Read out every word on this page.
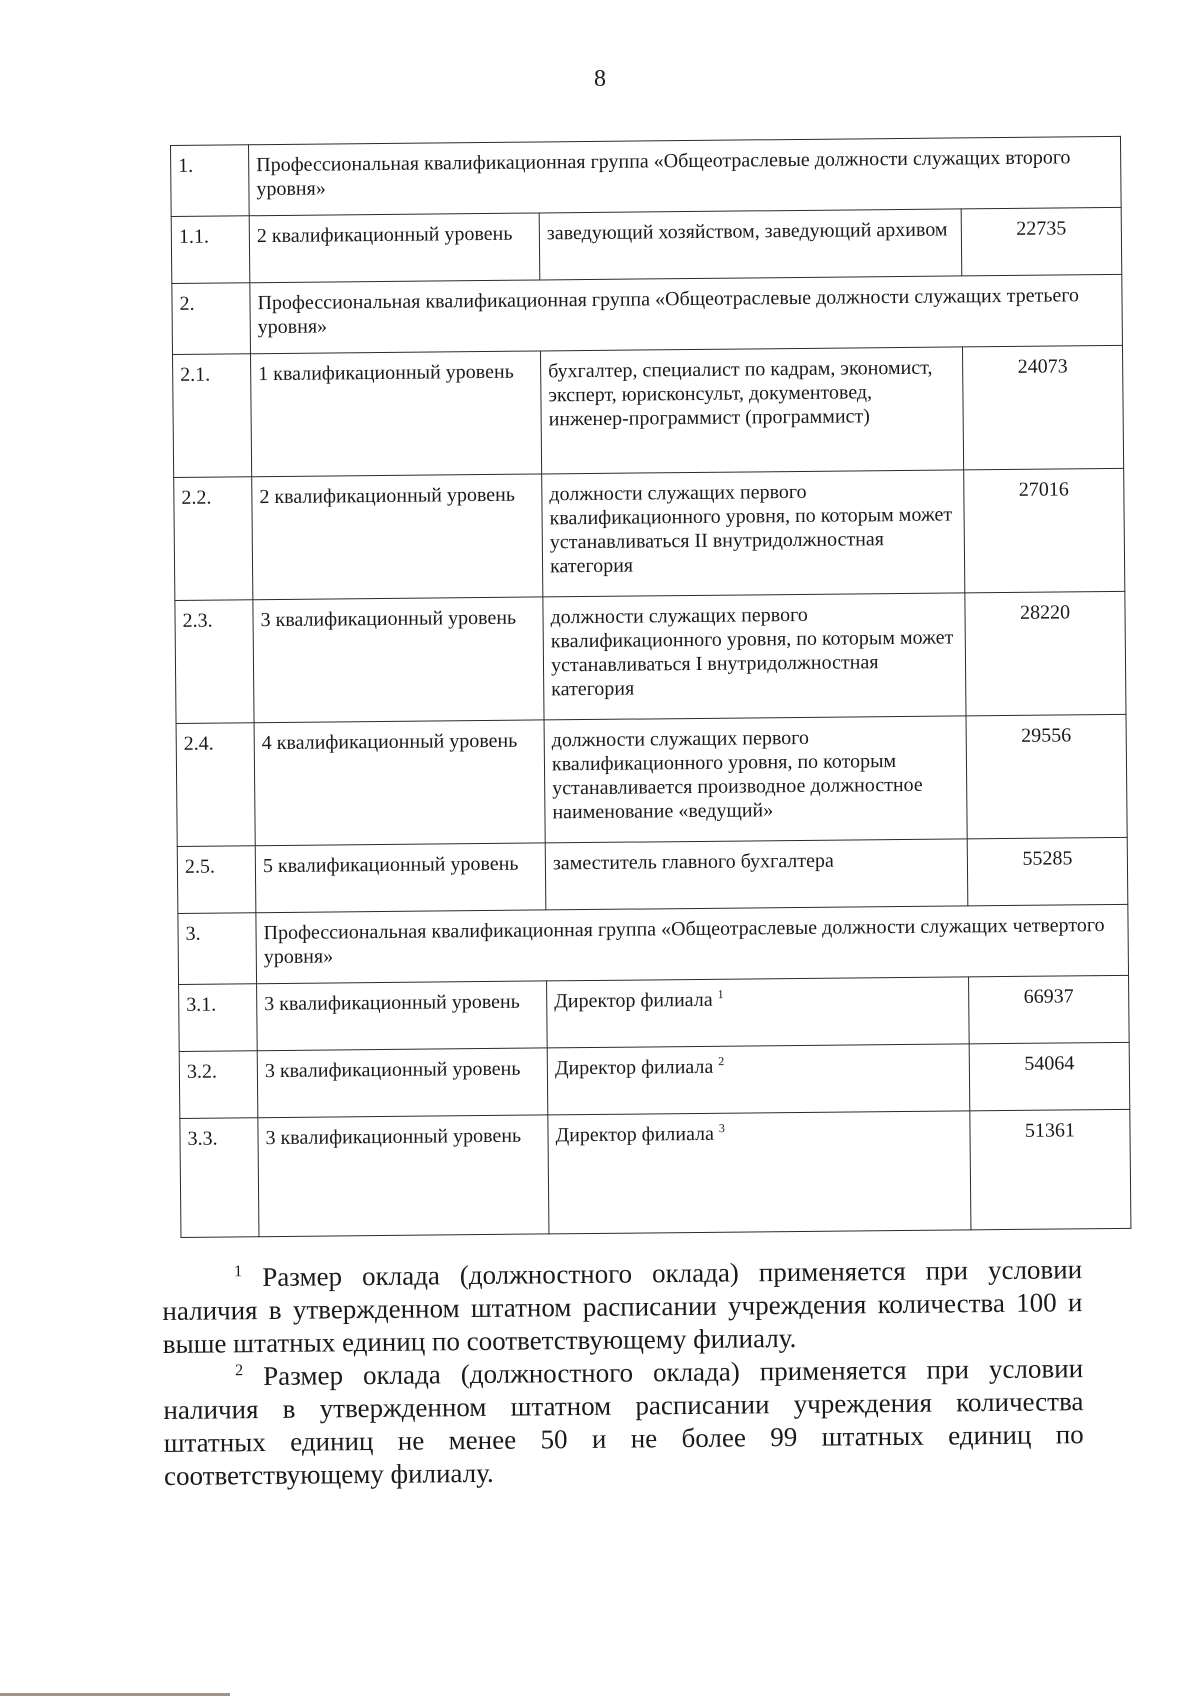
8
1.	Профессиональная квалификационная группа «Общеотраслевые должности служащих второго уровня»		
1.1.	2 квалификационный уровень	заведующий хозяйством, заведующий архивом	22735
2.	Профессиональная квалификационная группа «Общеотраслевые должности служащих третьего уровня»		
2.1.	1 квалификационный уровень	бухгалтер, специалист по кадрам, экономист, эксперт, юрисконсульт, документовед, инженер-программист (программист)	24073
2.2.	2 квалификационный уровень	должности служащих первого квалификационного уровня, по которым может устанавливаться II внутридолжностная категория	27016
2.3.	3 квалификационный уровень	должности служащих первого квалификационного уровня, по которым может устанавливаться I внутридолжностная категория	28220
2.4.	4 квалификационный уровень	должности служащих первого квалификационного уровня, по которым устанавливается производное должностное наименование «ведущий»	29556
2.5.	5 квалификационный уровень	заместитель главного бухгалтера	55285
3.	Профессиональная квалификационная группа «Общеотраслевые должности служащих четвертого уровня»		
3.1.	3 квалификационный уровень	Директор филиала $^1$	66937
3.2.	3 квалификационный уровень	Директор филиала $^2$	54064
3.3.	3 квалификационный уровень	Директор филиала $^3$	51361

$^1$ Размер оклада (должностного оклада) применяется при условии наличия в утвержденном штатном расписании учреждения количества 100 и выше штатных единиц по соответствующему филиалу.

$^2$ Размер оклада (должностного оклада) применяется при условии наличия в утвержденном штатном расписании учреждения количества штатных единиц не менее 50 и не более 99 штатных единиц по соответствующему филиалу.
